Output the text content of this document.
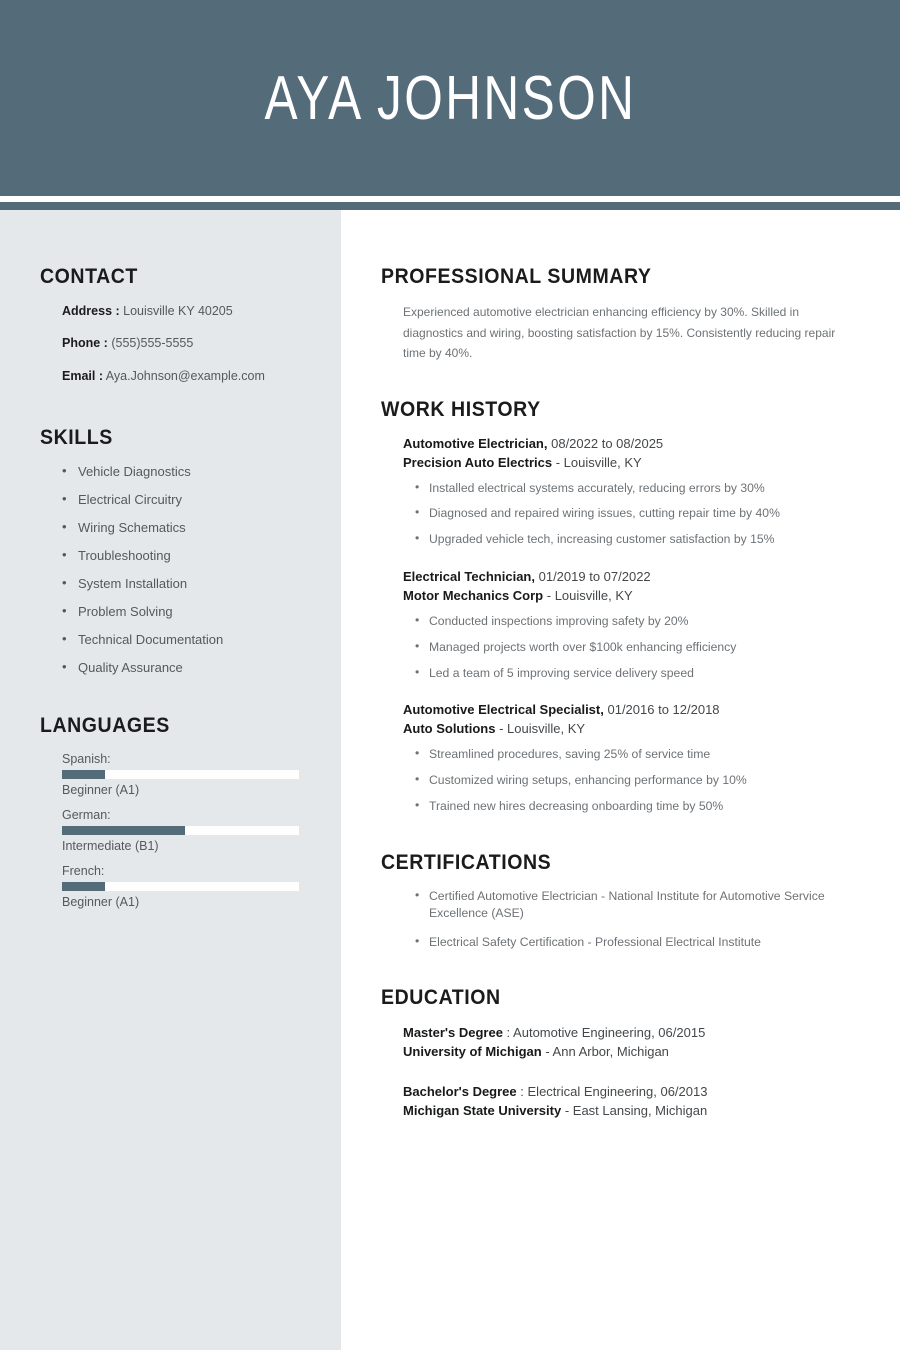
AYA JOHNSON
CONTACT
Address : Louisville KY 40205
Phone : (555)555-5555
Email : Aya.Johnson@example.com
SKILLS
• Vehicle Diagnostics
• Electrical Circuitry
• Wiring Schematics
• Troubleshooting
• System Installation
• Problem Solving
• Technical Documentation
• Quality Assurance
LANGUAGES
Spanish:
Beginner (A1)
German:
Intermediate (B1)
French:
Beginner (A1)
PROFESSIONAL SUMMARY

Experienced automotive electrician enhancing efficiency by 30%. Skilled in diagnostics and wiring, boosting satisfaction by 15%. Consistently reducing repair time by 40%.

WORK HISTORY
Automotive Electrician, 08/2022 to 08/2025
Precision Auto Electrics - Louisville, KY
• Installed electrical systems accurately, reducing errors by 30%
• Diagnosed and repaired wiring issues, cutting repair time by 40%
• Upgraded vehicle tech, increasing customer satisfaction by 15%
Electrical Technician, 01/2019 to 07/2022
Motor Mechanics Corp - Louisville, KY
• Conducted inspections improving safety by 20%
• Managed projects worth over $100k enhancing efficiency
• Led a team of 5 improving service delivery speed
Automotive Electrical Specialist, 01/2016 to 12/2018
Auto Solutions - Louisville, KY
• Streamlined procedures, saving 25% of service time
• Customized wiring setups, enhancing performance by 10%
• Trained new hires decreasing onboarding time by 50%
CERTIFICATIONS
• Certified Automotive Electrician - National Institute for Automotive Service Excellence (ASE)
• Electrical Safety Certification - Professional Electrical Institute
EDUCATION
Master's Degree : Automotive Engineering, 06/2015
University of Michigan - Ann Arbor, Michigan
Bachelor's Degree : Electrical Engineering, 06/2013
Michigan State University - East Lansing, Michigan
